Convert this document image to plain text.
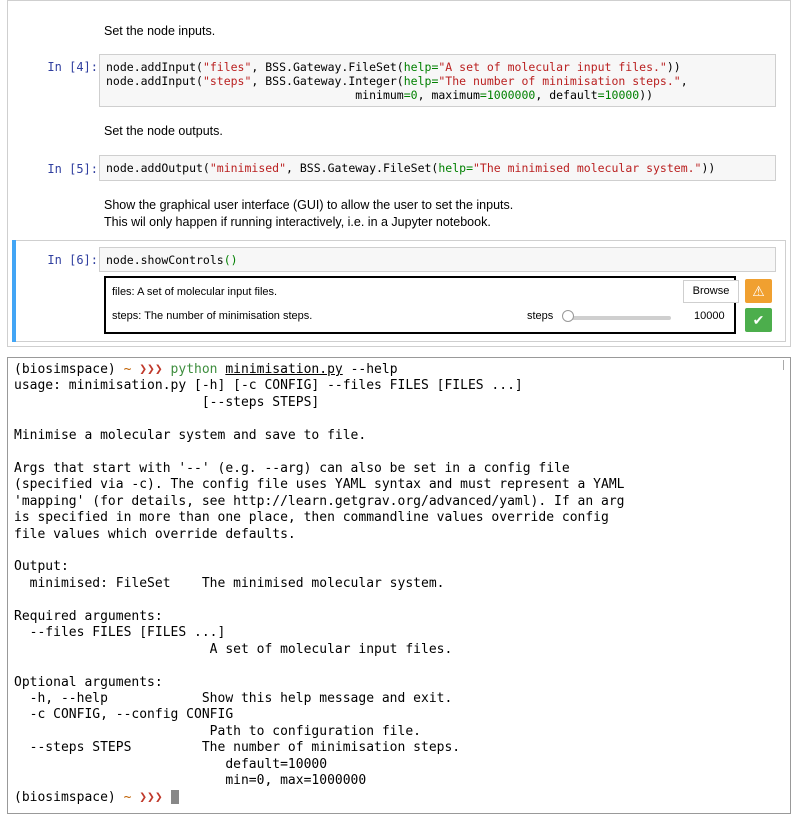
Set the node inputs.
In [4]: node.addInput("files", BSS.Gateway.FileSet(help="A set of molecular input files."))
node.addInput("steps", BSS.Gateway.Integer(help="The number of minimisation steps.",
minimum=0, maximum=1000000, default=10000))
Set the node outputs.
In [5]: node.addOutput("minimised", BSS.Gateway.FileSet(help="The minimised molecular system."))
Show the graphical user interface (GUI) to allow the user to set the inputs.
This wil only happen if running interactively, i.e. in a Jupyter notebook.
In [6]: node.showControls()
files: A set of molecular input files.	Browse
steps: The number of minimisation steps.	steps	10000
⚠
✔
(biosimspace) ~ ❯❯❯ python minimisation.py --help
usage: minimisation.py [-h] [-c CONFIG] --files FILES [FILES ...]
[--steps STEPS]
Minimise a molecular system and save to file.
Args that start with '--' (e.g. --arg) can also be set in a config file
(specified via -c). The config file uses YAML syntax and must represent a YAML
'mapping' (for details, see http://learn.getgrav.org/advanced/yaml). If an arg
is specified in more than one place, then commandline values override config
file values which override defaults.
Output:
minimised: FileSet    The minimised molecular system.
Required arguments:
--files FILES [FILES ...]
A set of molecular input files.
Optional arguments:
-h, --help            Show this help message and exit.
-c CONFIG, --config CONFIG
Path to configuration file.
--steps STEPS         The number of minimisation steps.
default=10000
min=0, max=1000000
(biosimspace) ~ ❯❯❯
